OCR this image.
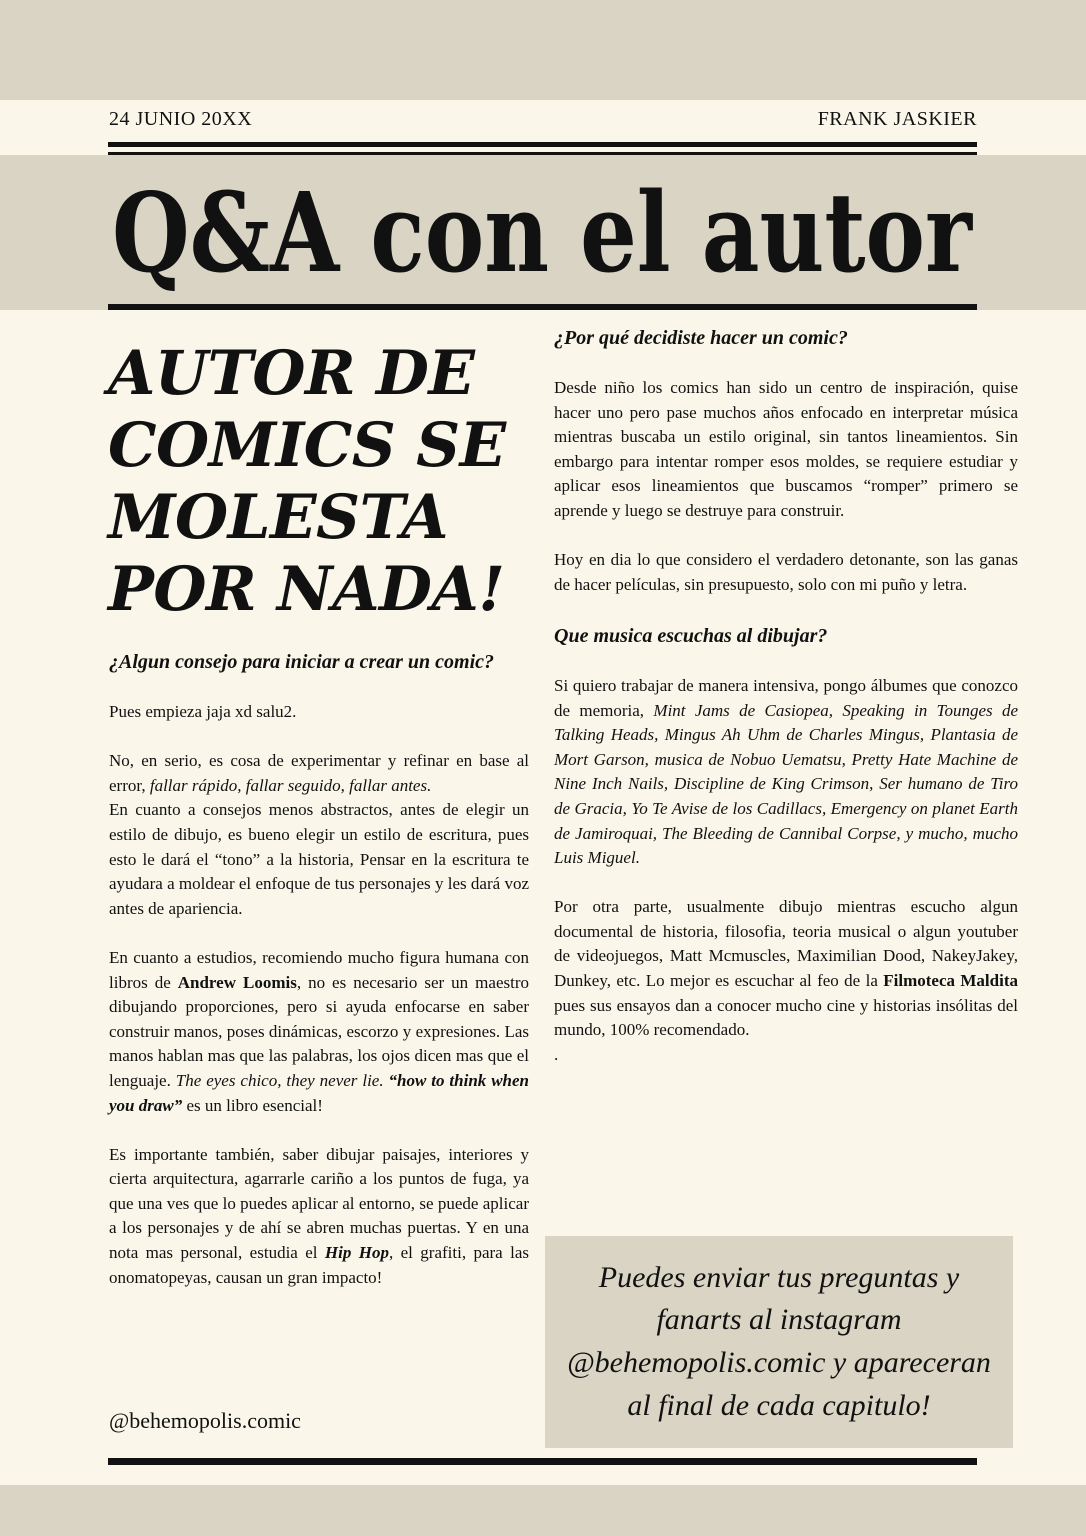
24 JUNIO 20XX	FRANK JASKIER
Q&A con el autor
AUTOR DE
COMICS SE
MOLESTA
POR NADA!
¿Algun consejo para iniciar a crear un comic?

Pues empieza jaja xd salu2.

No, en serio, es cosa de experimentar y refinar en base al error, fallar rápido, fallar seguido, fallar antes.

En cuanto a consejos menos abstractos, antes de elegir un estilo de dibujo, es bueno elegir un estilo de escritura, pues esto le dará el “tono” a la historia, Pensar en la escritura te ayudara a moldear el enfoque de tus personajes y les dará voz antes de apariencia.

En cuanto a estudios, recomiendo mucho figura humana con libros de Andrew Loomis, no es necesario ser un maestro dibujando proporciones, pero si ayuda enfocarse en saber construir manos, poses dinámicas, escorzo y expresiones. Las manos hablan mas que las palabras, los ojos dicen mas que el lenguaje. The eyes chico, they never lie. “how to think when you draw” es un libro esencial!

Es importante también, saber dibujar paisajes, interiores y cierta arquitectura, agarrarle cariño a los puntos de fuga, ya que una ves que lo puedes aplicar al entorno, se puede aplicar a los personajes y de ahí se abren muchas puertas. Y en una nota mas personal, estudia el Hip Hop, el grafiti, para las onomatopeyas, causan un gran impacto!

@behemopolis.comic
¿Por qué decidiste hacer un comic?

Desde niño los comics han sido un centro de inspiración, quise hacer uno pero pase muchos años enfocado en interpretar música mientras buscaba un estilo original, sin tantos lineamientos. Sin embargo para intentar romper esos moldes, se requiere estudiar y aplicar esos lineamientos que buscamos “romper” primero se aprende y luego se destruye para construir.

Hoy en dia lo que considero el verdadero detonante, son las ganas de hacer películas, sin presupuesto, solo con mi puño y letra.

Que musica escuchas al dibujar?

Si quiero trabajar de manera intensiva, pongo álbumes que conozco de memoria, Mint Jams de Casiopea, Speaking in Tounges de Talking Heads, Mingus Ah Uhm de Charles Mingus, Plantasia de Mort Garson, musica de Nobuo Uematsu, Pretty Hate Machine de Nine Inch Nails, Discipline de King Crimson, Ser humano de Tiro de Gracia, Yo Te Avise de los Cadillacs, Emergency on planet Earth de Jamiroquai, The Bleeding de Cannibal Corpse, y mucho, mucho Luis Miguel.

Por otra parte, usualmente dibujo mientras escucho algun documental de historia, filosofia, teoria musical o algun youtuber de videojuegos, Matt Mcmuscles, Maximilian Dood, NakeyJakey, Dunkey, etc. Lo mejor es escuchar al feo de la Filmoteca Maldita pues sus ensayos dan a conocer mucho cine y historias insólitas del mundo, 100% recomendado.

.
Puedes enviar tus preguntas y fanarts al instagram @behemopolis.comic y apareceran al final de cada capitulo!
